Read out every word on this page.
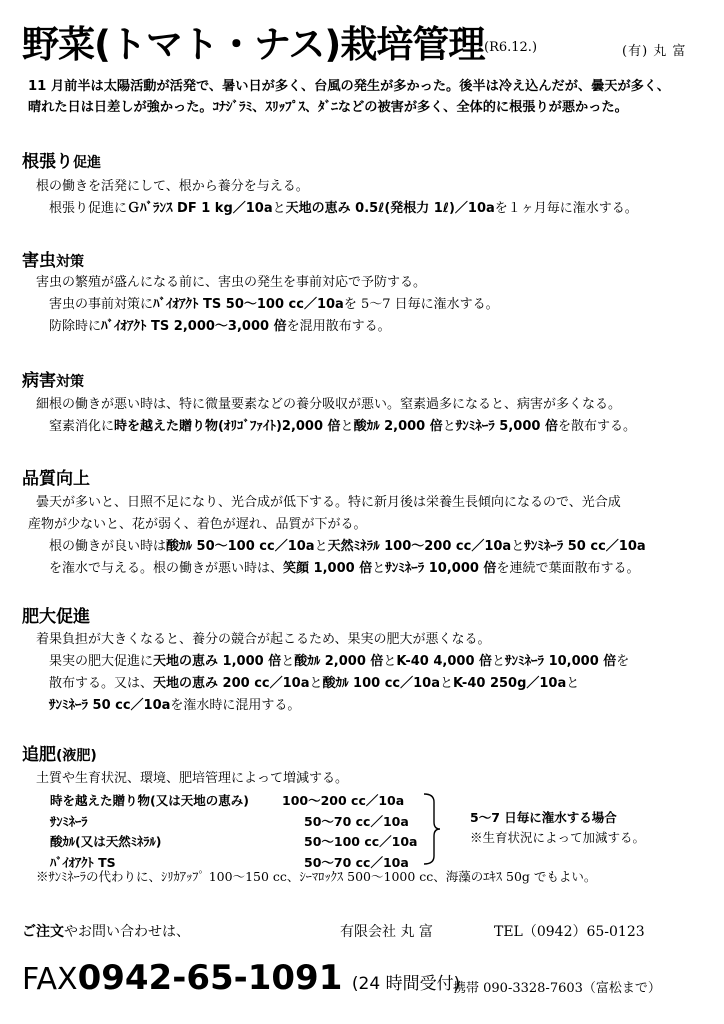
野菜(トマト・ナス)栽培管理 (R6.12.)	(有) 丸 富
11 月前半は太陽活動が活発で、暑い日が多く、台風の発生が多かった。後半は冷え込んだが、曇天が多く、
晴れた日は日差しが強かった。ｺﾅｼﾞﾗﾐ、ｽﾘｯﾌﾟｽ、ﾀﾞﾆなどの被害が多く、全体的に根張りが悪かった。
根張り促進
根の働きを活発にして、根から養分を与える。
根張り促進にＧﾊﾞﾗﾝｽ DF 1 kg／10aと天地の恵み 0.5ℓ(発根力 1ℓ)／10aを１ヶ月毎に潅水する。
害虫対策
害虫の繁殖が盛んになる前に、害虫の発生を事前対応で予防する。
害虫の事前対策にﾊﾞｲｵｱｸﾄ TS 50～100 cc／10aを 5～7 日毎に潅水する。
防除時にﾊﾞｲｵｱｸﾄ TS 2,000～3,000 倍を混用散布する。
病害対策
細根の働きが悪い時は、特に微量要素などの養分吸収が悪い。窒素過多になると、病害が多くなる。
窒素消化に時を越えた贈り物(ｵﾘｺﾞﾌｧｲﾄ)2,000 倍と酸ｶﾙ 2,000 倍とｻﾝﾐﾈｰﾗ 5,000 倍を散布する。
品質向上
曇天が多いと、日照不足になり、光合成が低下する。特に新月後は栄養生長傾向になるので、光合成
産物が少ないと、花が弱く、着色が遅れ、品質が下がる。
根の働きが良い時は酸ｶﾙ 50～100 cc／10aと天然ﾐﾈﾗﾙ 100～200 cc／10aとｻﾝﾐﾈｰﾗ 50 cc／10a
を潅水で与える。根の働きが悪い時は、笑顔 1,000 倍とｻﾝﾐﾈｰﾗ 10,000 倍を連続で葉面散布する。
肥大促進
着果負担が大きくなると、養分の競合が起こるため、果実の肥大が悪くなる。
果実の肥大促進に天地の恵み 1,000 倍と酸ｶﾙ 2,000 倍とK-40 4,000 倍とｻﾝﾐﾈｰﾗ 10,000 倍を
散布する。又は、天地の恵み 200 cc／10aと酸ｶﾙ 100 cc／10aとK-40 250g／10aと
ｻﾝﾐﾈｰﾗ 50 cc／10aを潅水時に混用する。
追肥(液肥)
土質や生育状況、環境、肥培管理によって増減する。
時を越えた贈り物(又は天地の恵み)	100～200 cc／10a
ｻﾝﾐﾈｰﾗ	50～70 cc／10a
酸ｶﾙ(又は天然ﾐﾈﾗﾙ)	50～100 cc／10a
ﾊﾞｲｵｱｸﾄ TS	50～70 cc／10a
5～7 日毎に潅水する場合
※生育状況によって加減する。
※ｻﾝﾐﾈｰﾗの代わりに、ｼﾘｶｱｯﾌﾟ 100～150 cc、ｼｰﾏﾛｯｸｽ 500～1000 cc、海藻のｴｷｽ 50g でもよい。
ご注文やお問い合わせは、	有限会社 丸 富	TEL（0942）65-0123
FAX0942-65-1091 (24 時間受付)
携帯 090-3328-7603（富松まで）
